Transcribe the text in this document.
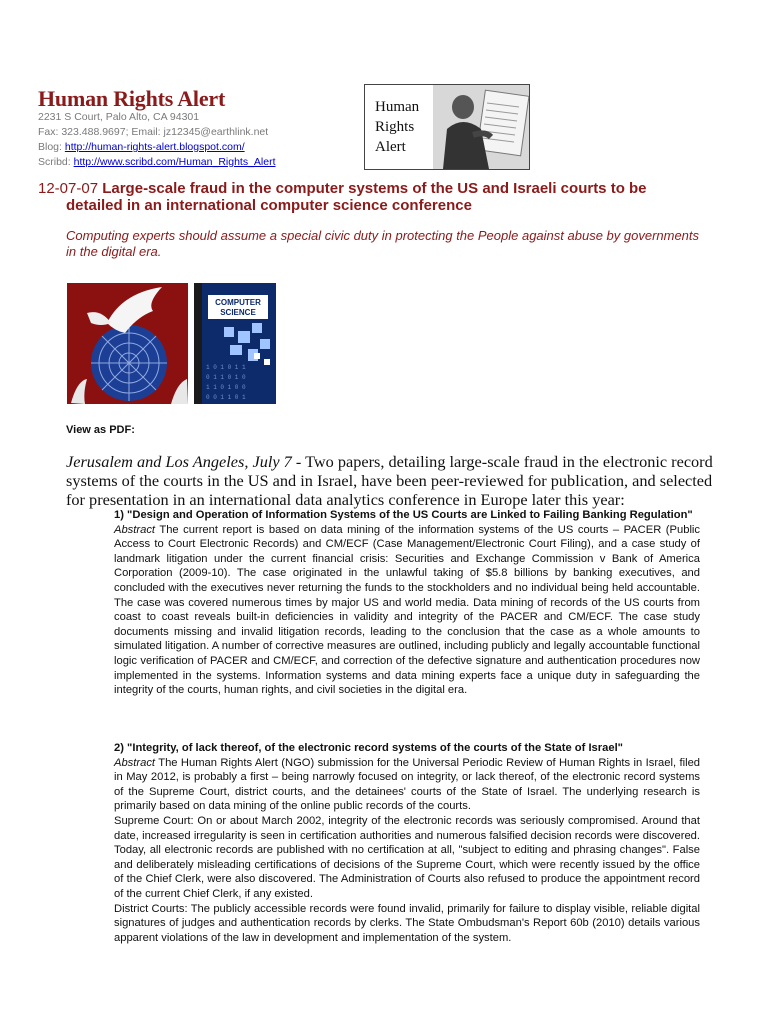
Human Rights Alert
2231 S Court, Palo Alto, CA 94301
Fax: 323.488.9697; Email: jz12345@earthlink.net
Blog: http://human-rights-alert.blogspot.com/
Scribd: http://www.scribd.com/Human_Rights_Alert
Human
Rights
Alert
12-07-07 Large-scale fraud in the computer systems of the US and Israeli courts to be
detailed in an international computer science conference
Computing experts should assume a special civic duty in protecting the People against abuse by governments in the digital era.
COMPUTER
SCIENCE
1 0 1 0 1 1
0 1 1 0 1 0
1 1 0 1 0 0
0 0 1 1 0 1
View as PDF:
Jerusalem and Los Angeles, July 7 - Two papers, detailing large-scale fraud in the electronic record systems of the courts in the US and in Israel, have been peer-reviewed for publication, and selected for presentation in an international data analytics conference in Europe later this year:

1) "Design and Operation of Information Systems of the US Courts are Linked to Failing Banking Regulation"

Abstract The current report is based on data mining of the information systems of the US courts – PACER (Public Access to Court Electronic Records) and CM/ECF (Case Management/Electronic Court Filing), and a case study of landmark litigation under the current financial crisis: Securities and Exchange Commission v Bank of America Corporation (2009-10). The case originated in the unlawful taking of $5.8 billions by banking executives, and concluded with the executives never returning the funds to the stockholders and no individual being held accountable. The case was covered numerous times by major US and world media. Data mining of records of the US courts from coast to coast reveals built-in deficiencies in validity and integrity of the PACER and CM/ECF. The case study documents missing and invalid litigation records, leading to the conclusion that the case as a whole amounts to simulated litigation. A number of corrective measures are outlined, including publicly and legally accountable functional logic verification of PACER and CM/ECF, and correction of the defective signature and authentication procedures now implemented in the systems. Information systems and data mining experts face a unique duty in safeguarding the integrity of the courts, human rights, and civil societies in the digital era.

2) "Integrity, of lack thereof, of the electronic record systems of the courts of the State of Israel"

Abstract The Human Rights Alert (NGO) submission for the Universal Periodic Review of Human Rights in Israel, filed in May 2012, is probably a first – being narrowly focused on integrity, or lack thereof, of the electronic record systems of the Supreme Court, district courts, and the detainees' courts of the State of Israel. The underlying research is primarily based on data mining of the online public records of the courts.

Supreme Court: On or about March 2002, integrity of the electronic records was seriously compromised. Around that date, increased irregularity is seen in certification authorities and numerous falsified decision records were discovered. Today, all electronic records are published with no certification at all, "subject to editing and phrasing changes". False and deliberately misleading certifications of decisions of the Supreme Court, which were recently issued by the office of the Chief Clerk, were also discovered. The Administration of Courts also refused to produce the appointment record of the current Chief Clerk, if any existed.

District Courts: The publicly accessible records were found invalid, primarily for failure to display visible, reliable digital signatures of judges and authentication records by clerks. The State Ombudsman's Report 60b (2010) details various apparent violations of the law in development and implementation of the system.
